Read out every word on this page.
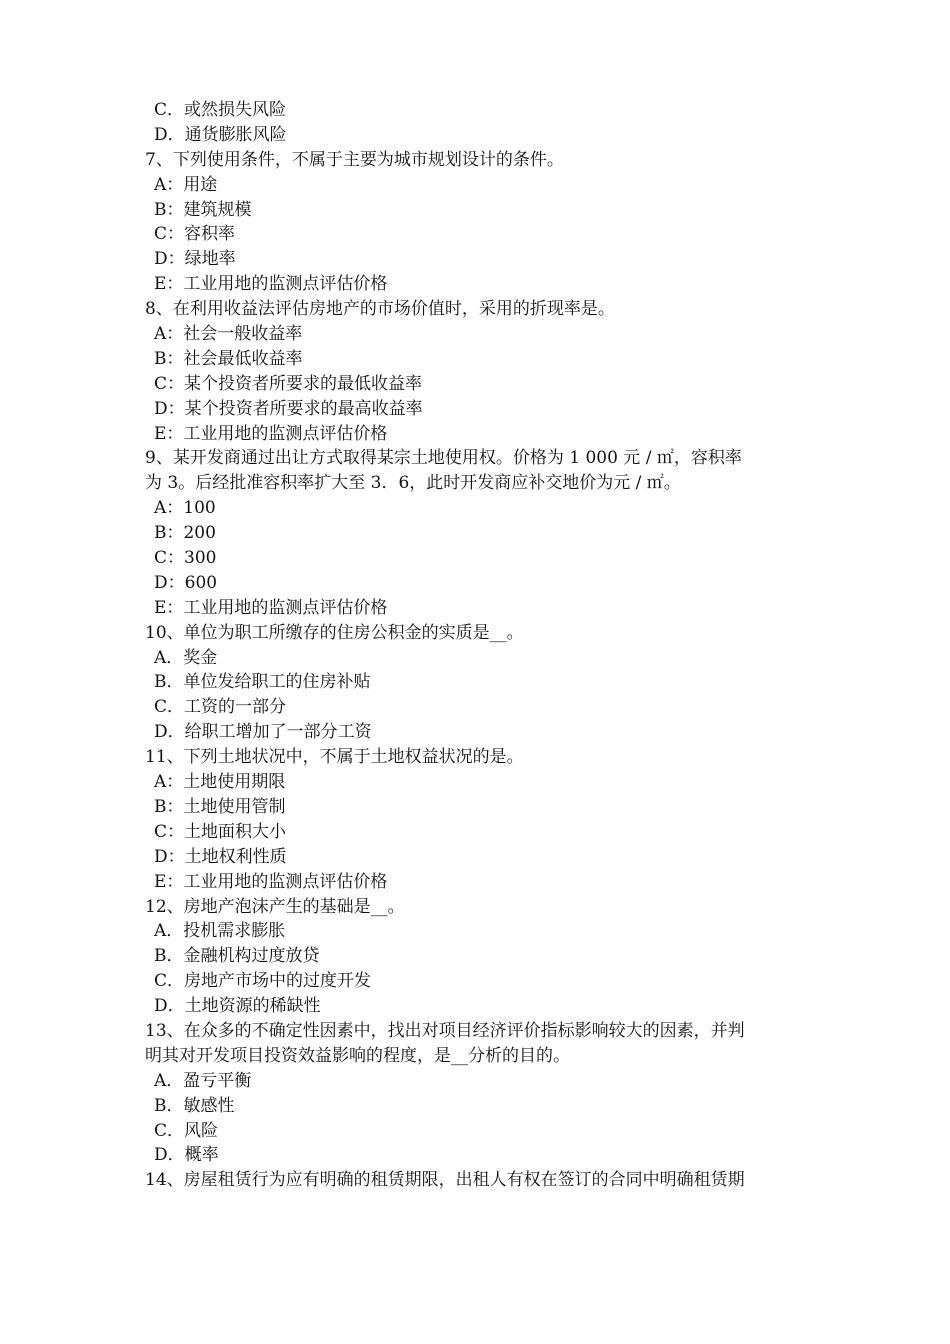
C．或然损失风险
D．通货膨胀风险
7、下列使用条件，不属于主要为城市规划设计的条件。
A：用途
B：建筑规模
C：容积率
D：绿地率
E：工业用地的监测点评估价格
8、在利用收益法评估房地产的市场价值时，采用的折现率是。
A：社会一般收益率
B：社会最低收益率
C：某个投资者所要求的最低收益率
D：某个投资者所要求的最高收益率
E：工业用地的监测点评估价格
9、某开发商通过出让方式取得某宗土地使用权。价格为 1 000 元 / ㎡，容积率
为 3。后经批准容积率扩大至 3．6，此时开发商应补交地价为元 / ㎡。
A：100
B：200
C：300
D：600
E：工业用地的监测点评估价格
10、单位为职工所缴存的住房公积金的实质是__。
A．奖金
B．单位发给职工的住房补贴
C．工资的一部分
D．给职工增加了一部分工资
11、下列土地状况中，不属于土地权益状况的是。
A：土地使用期限
B：土地使用管制
C：土地面积大小
D：土地权利性质
E：工业用地的监测点评估价格
12、房地产泡沫产生的基础是__。
A．投机需求膨胀
B．金融机构过度放贷
C．房地产市场中的过度开发
D．土地资源的稀缺性
13、在众多的不确定性因素中，找出对项目经济评价指标影响较大的因素，并判
明其对开发项目投资效益影响的程度，是__分析的目的。
A．盈亏平衡
B．敏感性
C．风险
D．概率
14、房屋租赁行为应有明确的租赁期限，出租人有权在签订的合同中明确租赁期
